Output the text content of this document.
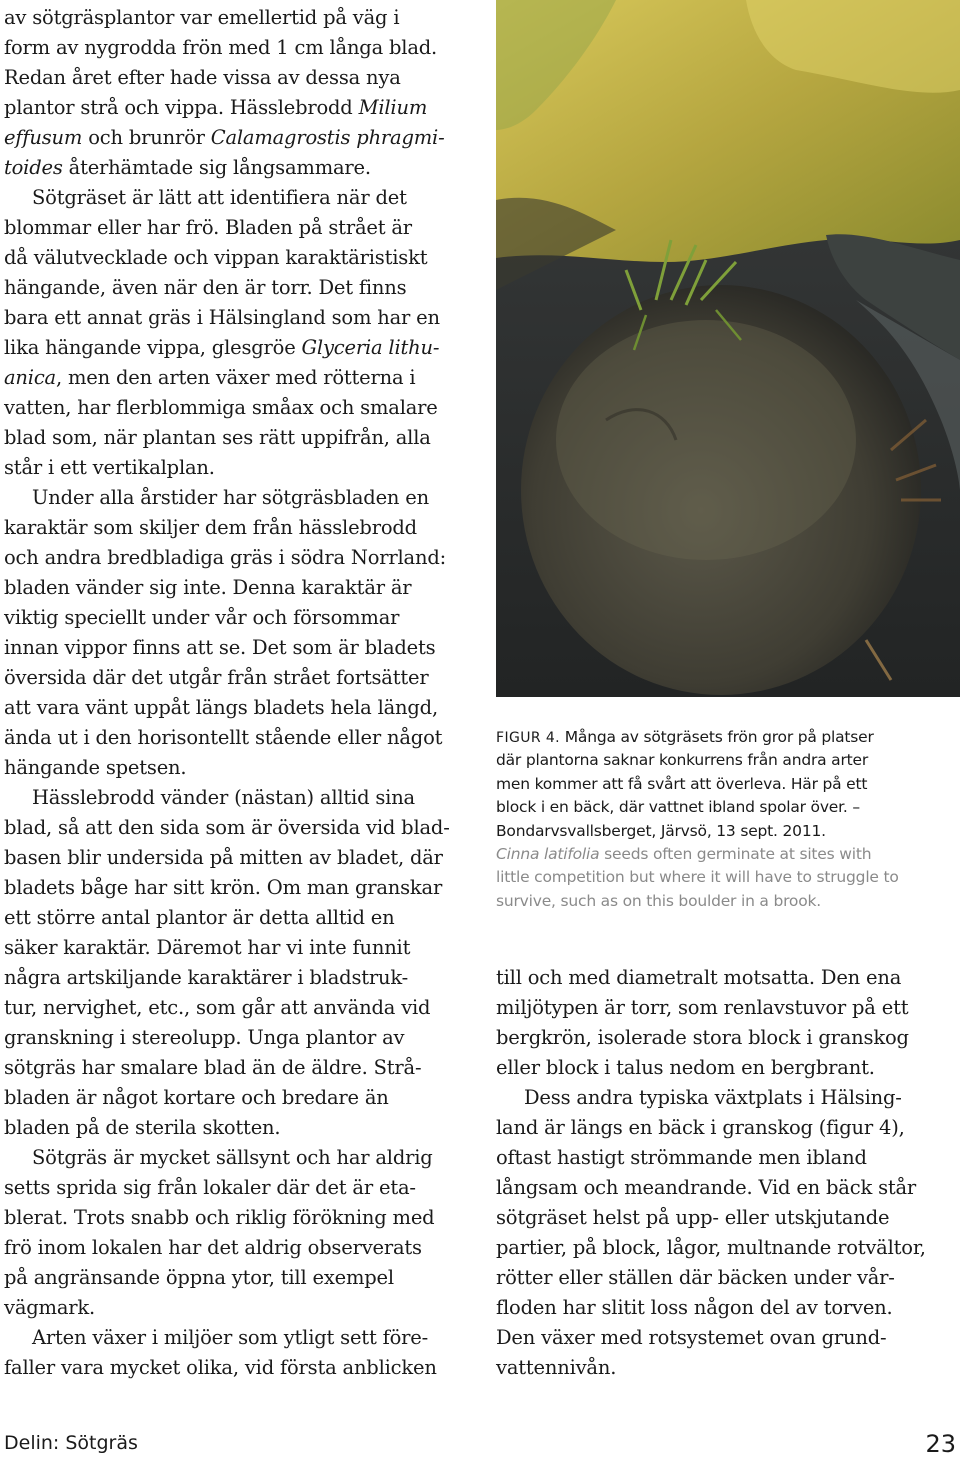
av sötgräsplantor var emellertid på väg i
form av nygrodda frön med 1 cm långa blad.
Redan året efter hade vissa av dessa nya
plantor strå och vippa. Hässlebrodd Milium
effusum och brunrör Calamagrostis phragmi-
toides återhämtade sig långsammare.
Sötgräset är lätt att identifiera när det
blommar eller har frö. Bladen på strået är
då välutvecklade och vippan karaktäristiskt
hängande, även när den är torr. Det finns
bara ett annat gräs i Hälsingland som har en
lika hängande vippa, glesgröe Glyceria lithu-
anica, men den arten växer med rötterna i
vatten, har flerblommiga småax och smalare
blad som, när plantan ses rätt uppifrån, alla
står i ett vertikalplan.
Under alla årstider har sötgräsbladen en
karaktär som skiljer dem från hässlebrodd
och andra bredbladiga gräs i södra Norrland:
bladen vänder sig inte. Denna karaktär är
viktig speciellt under vår och försommar
innan vippor finns att se. Det som är bladets
översida där det utgår från strået fortsätter
att vara vänt uppåt längs bladets hela längd,
ända ut i den horisontellt stående eller något
hängande spetsen.
Hässlebrodd vänder (nästan) alltid sina
blad, så att den sida som är översida vid blad-
basen blir undersida på mitten av bladet, där
bladets båge har sitt krön. Om man granskar
ett större antal plantor är detta alltid en
säker karaktär. Däremot har vi inte funnit
några artskiljande karaktärer i bladstruk-
tur, nervighet, etc., som går att använda vid
granskning i stereolupp. Unga plantor av
sötgräs har smalare blad än de äldre. Strå-
bladen är något kortare och bredare än
bladen på de sterila skotten.
Sötgräs är mycket sällsynt och har aldrig
setts sprida sig från lokaler där det är eta-
blerat. Trots snabb och riklig förökning med
frö inom lokalen har det aldrig observerats
på angränsande öppna ytor, till exempel
vägmark.
Arten växer i miljöer som ytligt sett före-
faller vara mycket olika, vid första anblicken
FIGUR 4. Många av sötgräsets frön gror på platser
där plantorna saknar konkurrens från andra arter
men kommer att få svårt att överleva. Här på ett
block i en bäck, där vattnet ibland spolar över. –
Bondarvsvallsberget, Järvsö, 13 sept. 2011.
Cinna latifolia seeds often germinate at sites with
little competition but where it will have to struggle to
survive, such as on this boulder in a brook.
till och med diametralt motsatta. Den ena
miljötypen är torr, som renlavstuvor på ett
bergkrön, isolerade stora block i granskog
eller block i talus nedom en bergbrant.
Dess andra typiska växtplats i Hälsing-
land är längs en bäck i granskog (figur 4),
oftast hastigt strömmande men ibland
långsam och meandrande. Vid en bäck står
sötgräset helst på upp- eller utskjutande
partier, på block, lågor, multnande rotvältor,
rötter eller ställen där bäcken under vår-
floden har slitit loss någon del av torven.
Den växer med rotsystemet ovan grund-
vattennivån.
Delin: Sötgräs	23
